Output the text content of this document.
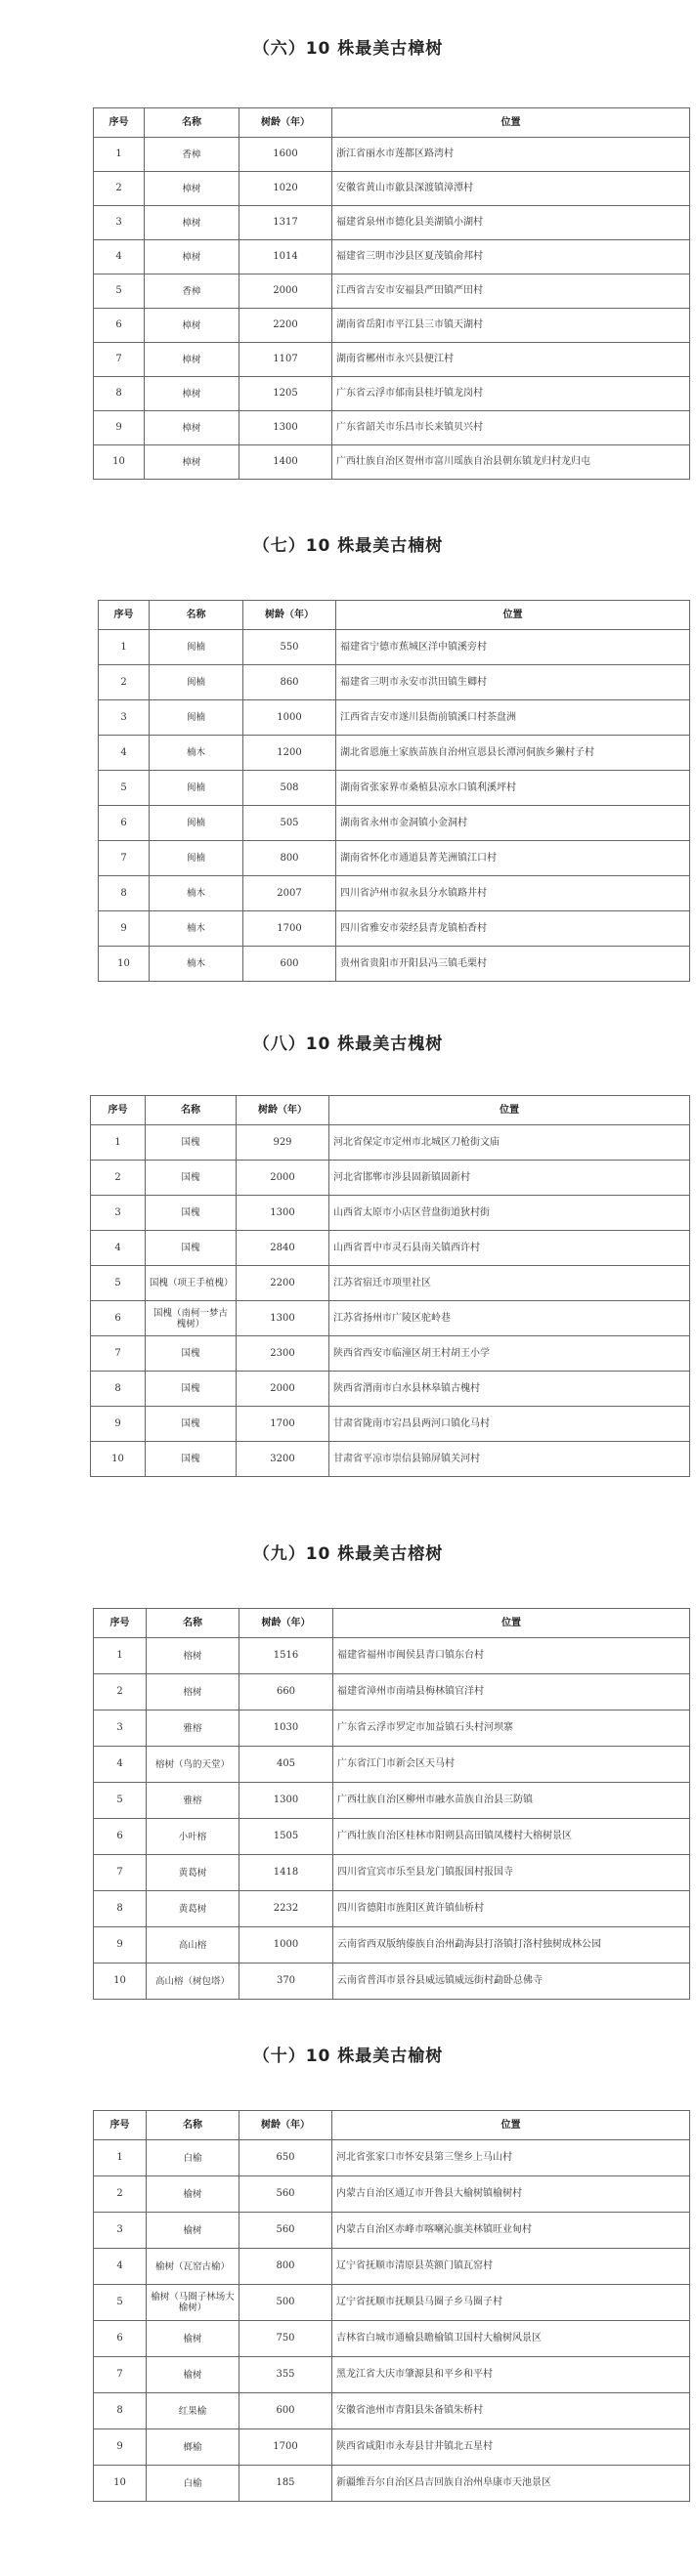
（六）10 株最美古樟树
序号	名称	树龄（年）	位置
1	香樟	1600	浙江省丽水市莲都区路湾村
2	樟树	1020	安徽省黄山市歙县深渡镇漳潭村
3	樟树	1317	福建省泉州市德化县美湖镇小湖村
4	樟树	1014	福建省三明市沙县区夏茂镇俞邦村
5	香樟	2000	江西省吉安市安福县严田镇严田村
6	樟树	2200	湖南省岳阳市平江县三市镇天湖村
7	樟树	1107	湖南省郴州市永兴县便江村
8	樟树	1205	广东省云浮市郁南县桂圩镇龙岗村
9	樟树	1300	广东省韶关市乐昌市长来镇贝兴村
10	樟树	1400	广西壮族自治区贺州市富川瑶族自治县朝东镇龙归村龙归屯
（七）10 株最美古楠树
序号	名称	树龄（年）	位置
1	闽楠	550	福建省宁德市蕉城区洋中镇溪旁村
2	闽楠	860	福建省三明市永安市洪田镇生卿村
3	闽楠	1000	江西省吉安市遂川县衙前镇溪口村茶盘洲
4	楠木	1200	湖北省恩施土家族苗族自治州宣恩县长潭河侗族乡獭村子村
5	闽楠	508	湖南省张家界市桑植县凉水口镇利溪坪村
6	闽楠	505	湖南省永州市金洞镇小金洞村
7	闽楠	800	湖南省怀化市通道县菁芜洲镇江口村
8	楠木	2007	四川省泸州市叙永县分水镇路井村
9	楠木	1700	四川省雅安市荥经县青龙镇柏香村
10	楠木	600	贵州省贵阳市开阳县冯三镇毛栗村
（八）10 株最美古槐树
序号	名称	树龄（年）	位置
1	国槐	929	河北省保定市定州市北城区刀枪街文庙
2	国槐	2000	河北省邯郸市涉县固新镇固新村
3	国槐	1300	山西省太原市小店区营盘街道狄村街
4	国槐	2840	山西省晋中市灵石县南关镇西许村
5	国槐（项王手植槐）	2200	江苏省宿迁市项里社区
6	国槐（南柯一梦古槐树）	1300	江苏省扬州市广陵区驼岭巷
7	国槐	2300	陕西省西安市临潼区胡王村胡王小学
8	国槐	2000	陕西省渭南市白水县林皋镇古槐村
9	国槐	1700	甘肃省陇南市宕昌县两河口镇化马村
10	国槐	3200	甘肃省平凉市崇信县锦屏镇关河村
（九）10 株最美古榕树
序号	名称	树龄（年）	位置
1	榕树	1516	福建省福州市闽侯县青口镇东台村
2	榕树	660	福建省漳州市南靖县梅林镇官洋村
3	雅榕	1030	广东省云浮市罗定市加益镇石头村河坝寨
4	榕树（鸟的天堂）	405	广东省江门市新会区天马村
5	雅榕	1300	广西壮族自治区柳州市融水苗族自治县三防镇
6	小叶榕	1505	广西壮族自治区桂林市阳朔县高田镇凤楼村大榕树景区
7	黄葛树	1418	四川省宜宾市乐至县龙门镇报国村报国寺
8	黄葛树	2232	四川省德阳市旌阳区黄许镇仙桥村
9	高山榕	1000	云南省西双版纳傣族自治州勐海县打洛镇打洛村独树成林公园
10	高山榕（树包塔）	370	云南省普洱市景谷县威远镇威远街村勐卧总佛寺
（十）10 株最美古榆树
序号	名称	树龄（年）	位置
1	白榆	650	河北省张家口市怀安县第三堡乡上马山村
2	榆树	560	内蒙古自治区通辽市开鲁县大榆树镇榆树村
3	榆树	560	内蒙古自治区赤峰市喀喇沁旗美林镇旺业甸村
4	榆树（瓦窑古榆）	800	辽宁省抚顺市清原县英额门镇瓦窑村
5	榆树（马圈子林场大榆树）	500	辽宁省抚顺市抚顺县马圈子乡马圈子村
6	榆树	750	吉林省白城市通榆县瞻榆镇卫国村大榆树风景区
7	榆树	355	黑龙江省大庆市肇源县和平乡和平村
8	红果榆	600	安徽省池州市青阳县朱备镇朱桥村
9	榔榆	1700	陕西省咸阳市永寿县甘井镇北五星村
10	白榆	185	新疆维吾尔自治区昌吉回族自治州阜康市天池景区
